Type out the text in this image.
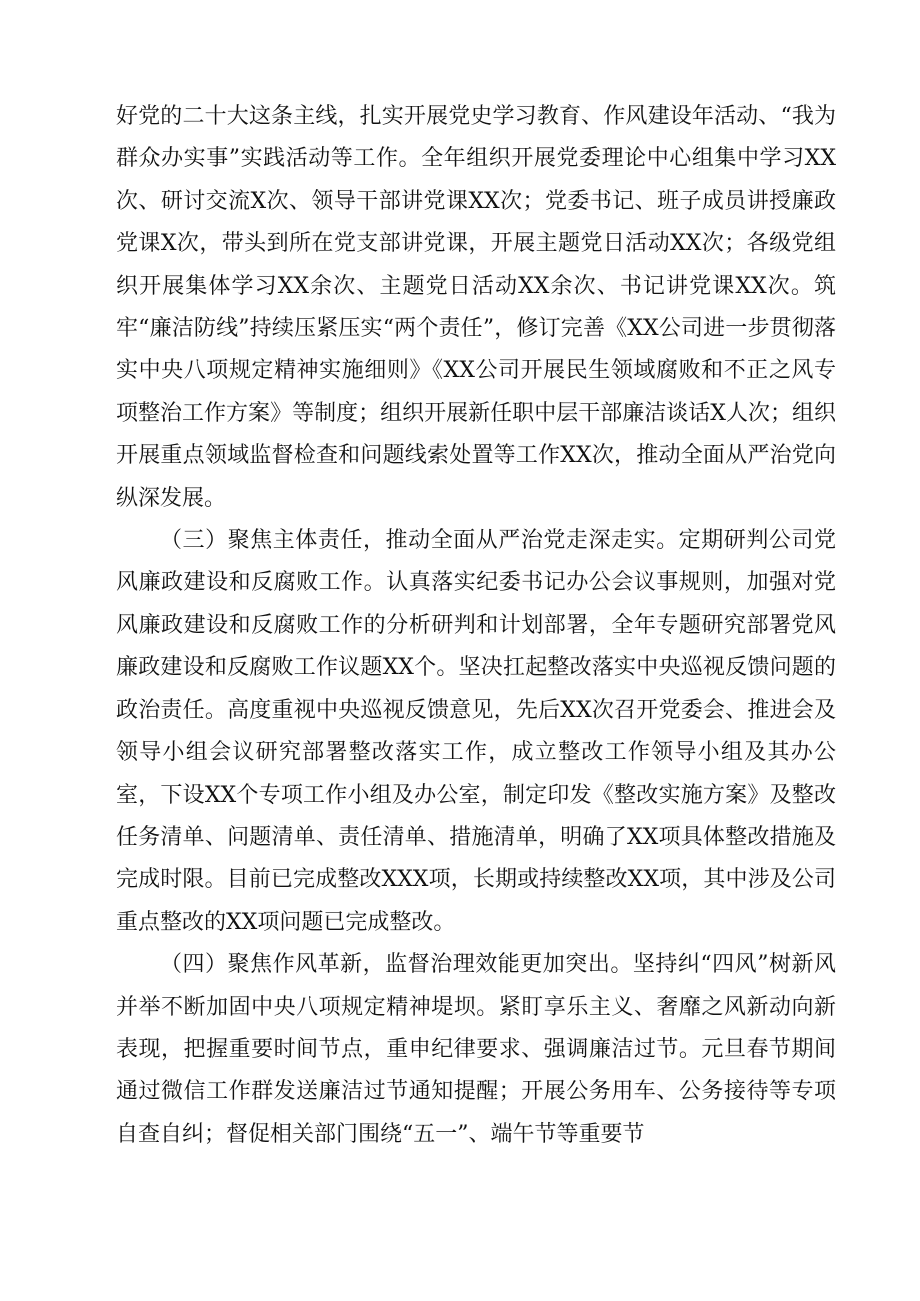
好党的二十大这条主线，扎实开展党史学习教育、作风建设年活动、“我为群众办实事”实践活动等工作。全年组织开展党委理论中心组集中学习XX次、研讨交流X次、领导干部讲党课XX次；党委书记、班子成员讲授廉政党课X次，带头到所在党支部讲党课，开展主题党日活动XX次；各级党组织开展集体学习XX余次、主题党日活动XX余次、书记讲党课XX次。筑牢“廉洁防线”持续压紧压实“两个责任”，修订完善《XX公司进一步贯彻落实中央八项规定精神实施细则》《XX公司开展民生领域腐败和不正之风专项整治工作方案》等制度；组织开展新任职中层干部廉洁谈话X人次；组织开展重点领域监督检查和问题线索处置等工作XX次，推动全面从严治党向纵深发展。

（三）聚焦主体责任，推动全面从严治党走深走实。定期研判公司党风廉政建设和反腐败工作。认真落实纪委书记办公会议事规则，加强对党风廉政建设和反腐败工作的分析研判和计划部署，全年专题研究部署党风廉政建设和反腐败工作议题XX个。坚决扛起整改落实中央巡视反馈问题的政治责任。高度重视中央巡视反馈意见，先后XX次召开党委会、推进会及领导小组会议研究部署整改落实工作，成立整改工作领导小组及其办公室，下设XX个专项工作小组及办公室，制定印发《整改实施方案》及整改任务清单、问题清单、责任清单、措施清单，明确了XX项具体整改措施及完成时限。目前已完成整改XXX项，长期或持续整改XX项，其中涉及公司重点整改的XX项问题已完成整改。

（四）聚焦作风革新，监督治理效能更加突出。坚持纠“四风”树新风并举不断加固中央八项规定精神堤坝。紧盯享乐主义、奢靡之风新动向新表现，把握重要时间节点，重申纪律要求、强调廉洁过节。元旦春节期间通过微信工作群发送廉洁过节通知提醒；开展公务用车、公务接待等专项自查自纠；督促相关部门围绕“五一”、端午节等重要节
